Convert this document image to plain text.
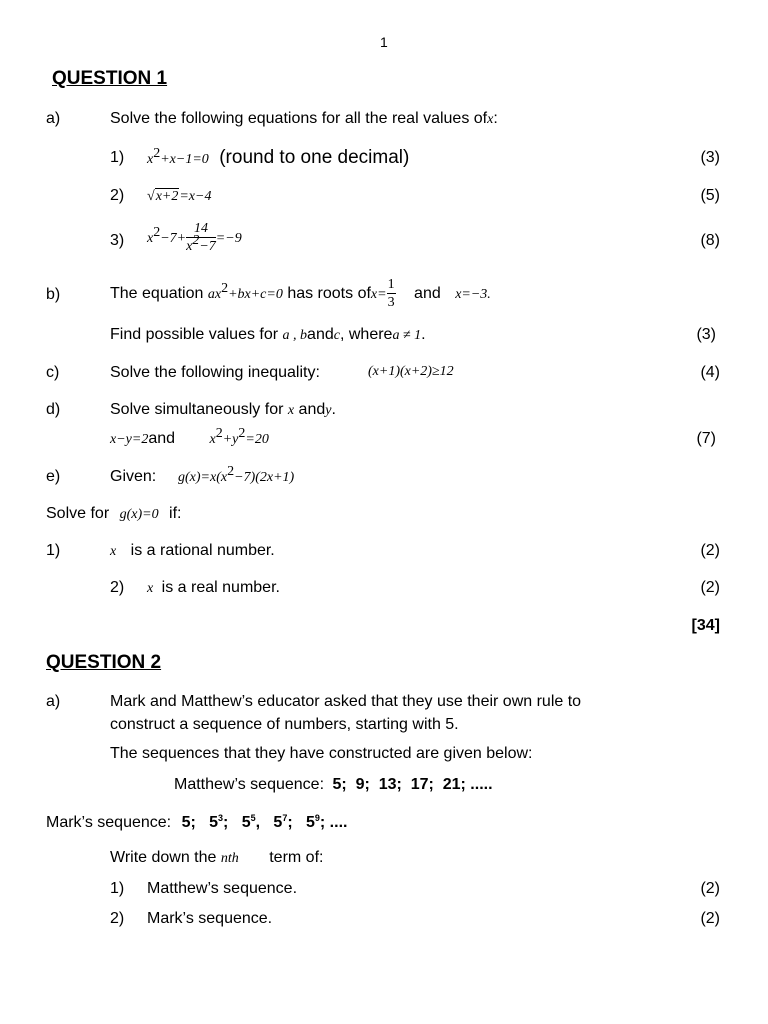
1
QUESTION 1
a)	Solve the following equations for all the real values ofx:
1) $x^2+x-1=0$ (round to one decimal)	(3)
2) √x+2=x−4	(5)
3) $x^2-7+ \frac{14}{x^2-7} =-9$	(8)
b)	The equation $ax^2+bx+c=0$ has roots $ofx= \frac{1}{3}$ and x=−3.
Find possible values for a , bandc, wherea ≠ 1.	(3)
c)	Solve the following inequality:	(x+1)(x+2)≥12	(4)
d)	Solve simultaneously for x andy.
x−y=2and $x^2+y^2=20$	(7)
e)	Given: $g(x)=x(x^2-7)(2x+1)$
Solve for g(x)=0 if:
1)	x is a rational number.	(2)
2) x is a real number.	(2)
[34]
QUESTION 2
a)	Mark and Matthew’s educator asked that they use their own rule to
construct a sequence of numbers, starting with 5.
The sequences that they have constructed are given below:
Matthew’s sequence: 5;  9;  13;  17;  21; .....
Mark’s sequence: 5;   $5^3$;   $5^5$,   $5^7$;   $5^9$; ....
Write down the nth term of:
1) Matthew’s sequence.	(2)
2) Mark’s sequence.	(2)
